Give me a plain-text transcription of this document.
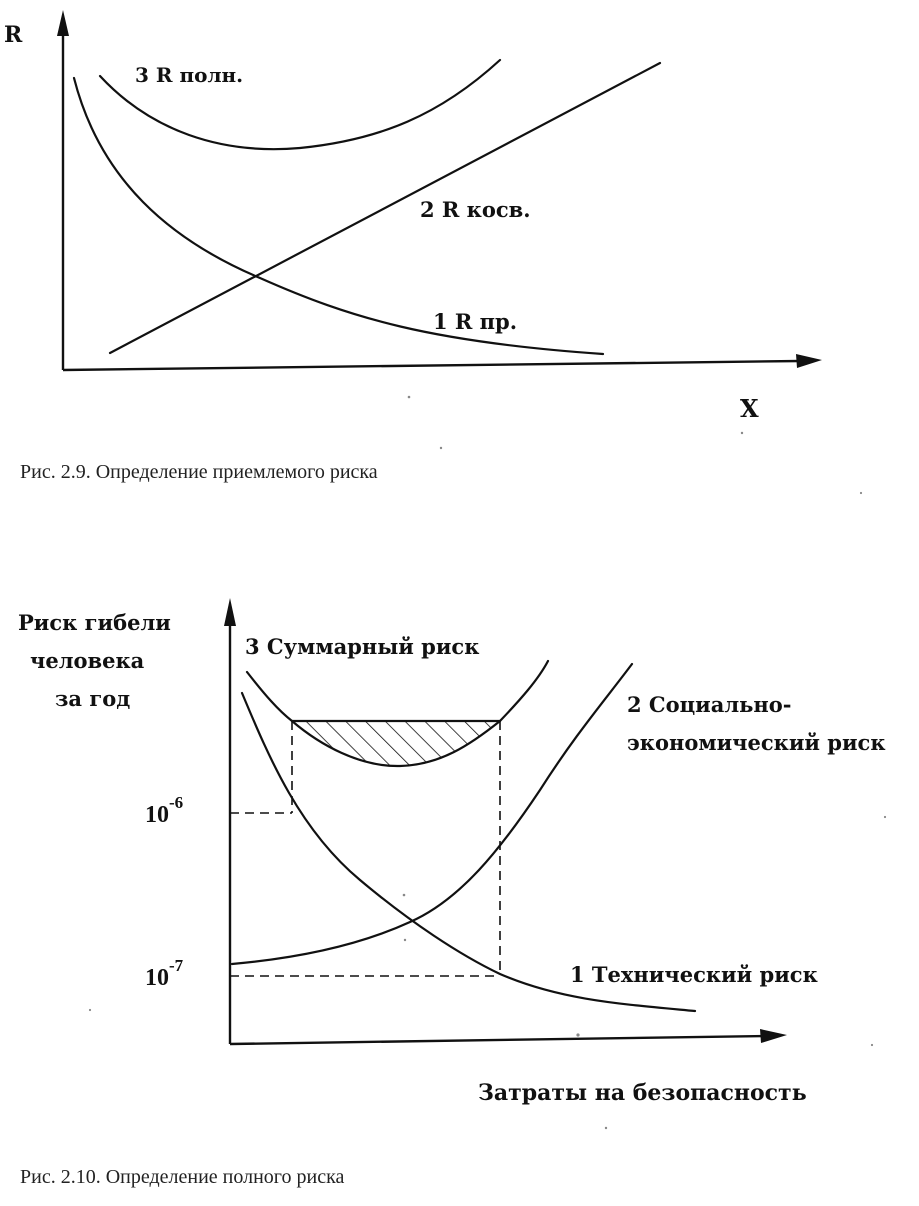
R
X
3 R полн.
2 R косв.
1 R пр.
Рис. 2.9. Определение приемлемого риска
Риск гибели
человека
за год
$10^{-6}$
$10^{-7}$
3 Суммарный риск
2 Социально-
экономический риск
1 Технический риск
Затраты на безопасность
Рис. 2.10. Определение полного риска
